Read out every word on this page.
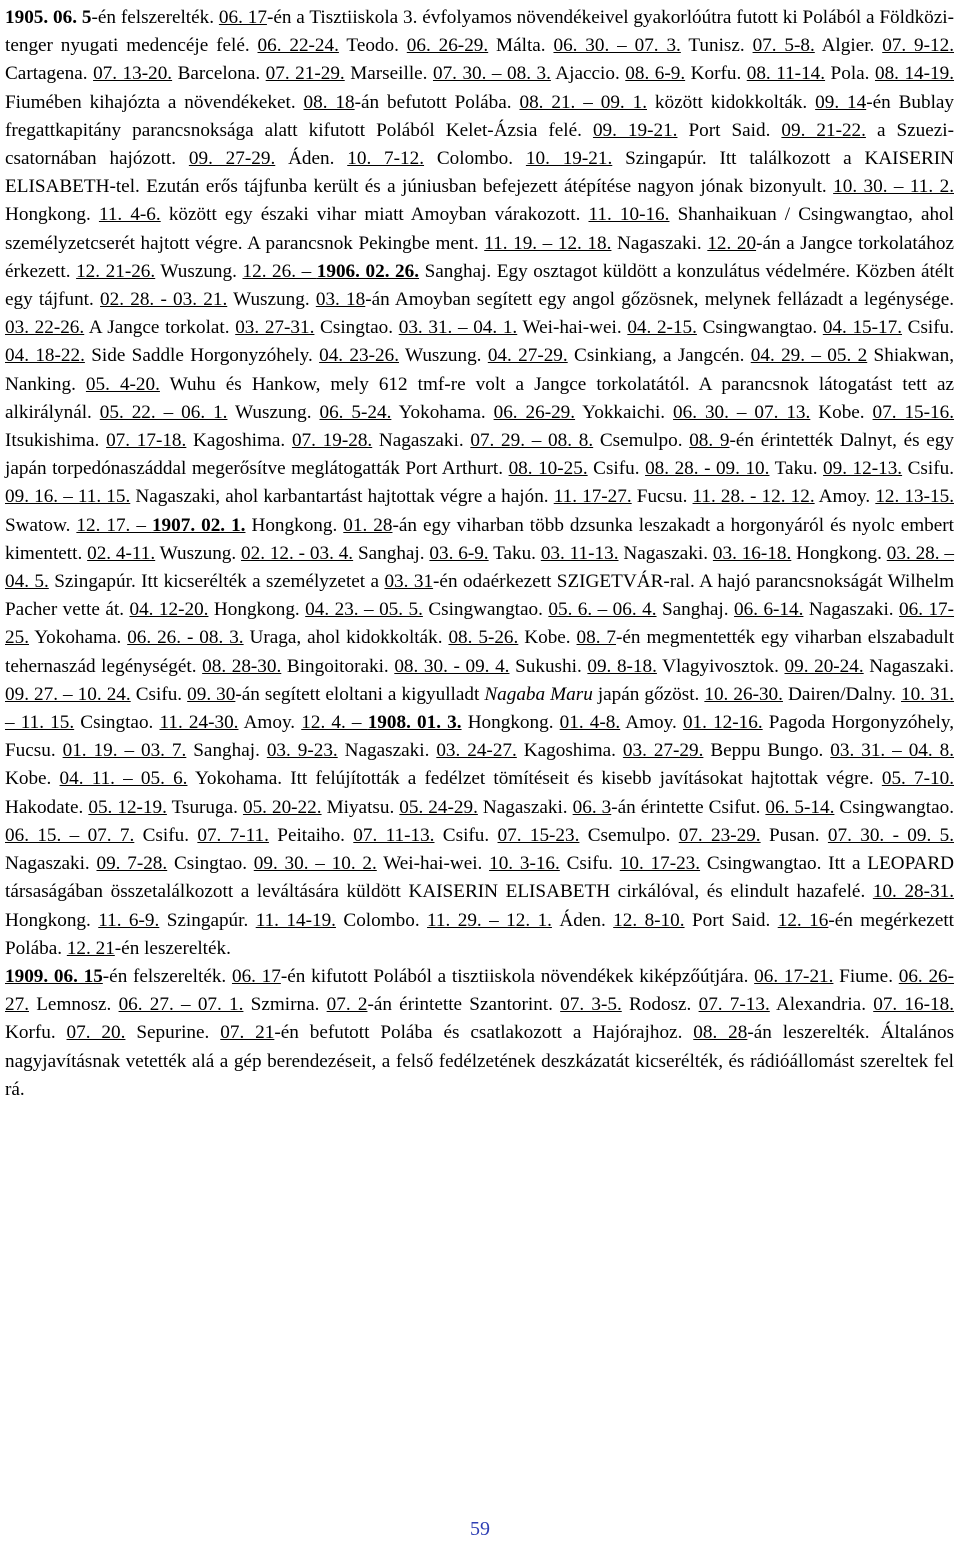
1905. 06. 5-én felszerelték. 06. 17-én a Tisztiiskola 3. évfolyamos növendékeivel gyakorlóútra futott ki Polából a Földközi-tenger nyugati medencéje felé. 06. 22-24. Teodo. 06. 26-29. Málta. 06. 30. – 07. 3. Tunisz. 07. 5-8. Algier. 07. 9-12. Cartagena. 07. 13-20. Barcelona. 07. 21-29. Marseille. 07. 30. – 08. 3. Ajaccio. 08. 6-9. Korfu. 08. 11-14. Pola. 08. 14-19. Fiumében kihajózta a növendékeket. 08. 18-án befutott Polába. 08. 21. – 09. 1. között kidokkolták. 09. 14-én Bublay fregattkapitány parancsnoksága alatt kifutott Polából Kelet-Ázsia felé. 09. 19-21. Port Said. 09. 21-22. a Szuezi-csatornában hajózott. 09. 27-29. Áden. 10. 7-12. Colombo. 10. 19-21. Szingapúr. Itt találkozott a KAISERIN ELISABETH-tel. Ezután erős tájfunba került és a júniusban befejezett átépítése nagyon jónak bizonyult. 10. 30. – 11. 2. Hongkong. 11. 4-6. között egy északi vihar miatt Amoyban várakozott. 11. 10-16. Shanhaikuan / Csingwangtao, ahol személyzetcserét hajtott végre. A parancsnok Pekingbe ment. 11. 19. – 12. 18. Nagaszaki. 12. 20-án a Jangce torkolatához érkezett. 12. 21-26. Wuszung. 12. 26. – 1906. 02. 26. Sanghaj. Egy osztagot küldött a konzulátus védelmére. Közben átélt egy tájfunt. 02. 28. - 03. 21. Wuszung. 03. 18-án Amoyban segített egy angol gőzösnek, melynek fellázadt a legénysége. 03. 22-26. A Jangce torkolat. 03. 27-31. Csingtao. 03. 31. – 04. 1. Wei-hai-wei. 04. 2-15. Csingwangtao. 04. 15-17. Csifu. 04. 18-22. Side Saddle Horgonyzóhely. 04. 23-26. Wuszung. 04. 27-29. Csinkiang, a Jangcén. 04. 29. – 05. 2 Shiakwan, Nanking. 05. 4-20. Wuhu és Hankow, mely 612 tmf-re volt a Jangce torkolatától. A parancsnok látogatást tett az alkirálynál. 05. 22. – 06. 1. Wuszung. 06. 5-24. Yokohama. 06. 26-29. Yokkaichi. 06. 30. – 07. 13. Kobe. 07. 15-16. Itsukishima. 07. 17-18. Kagoshima. 07. 19-28. Nagaszaki. 07. 29. – 08. 8. Csemulpo. 08. 9-én érintették Dalnyt, és egy japán torpedónaszáddal megerősítve meglátogatták Port Arthurt. 08. 10-25. Csifu. 08. 28. - 09. 10. Taku. 09. 12-13. Csifu. 09. 16. – 11. 15. Nagaszaki, ahol karbantartást hajtottak végre a hajón. 11. 17-27. Fucsu. 11. 28. - 12. 12. Amoy. 12. 13-15. Swatow. 12. 17. – 1907. 02. 1. Hongkong. 01. 28-án egy viharban több dzsunka leszakadt a horgonyáról és nyolc embert kimentett. 02. 4-11. Wuszung. 02. 12. - 03. 4. Sanghaj. 03. 6-9. Taku. 03. 11-13. Nagaszaki. 03. 16-18. Hongkong. 03. 28. – 04. 5. Szingapúr. Itt kicserélték a személyzetet a 03. 31-én odaérkezett SZIGETVÁR-ral. A hajó parancsnokságát Wilhelm Pacher vette át. 04. 12-20. Hongkong. 04. 23. – 05. 5. Csingwangtao. 05. 6. – 06. 4. Sanghaj. 06. 6-14. Nagaszaki. 06. 17-25. Yokohama. 06. 26. - 08. 3. Uraga, ahol kidokkolták. 08. 5-26. Kobe. 08. 7-én megmentették egy viharban elszabadult tehernaszád legénységét. 08. 28-30. Bingoitoraki. 08. 30. - 09. 4. Sukushi. 09. 8-18. Vlagyivosztok. 09. 20-24. Nagaszaki. 09. 27. – 10. 24. Csifu. 09. 30-án segített eloltani a kigyulladt Nagaba Maru japán gőzöst. 10. 26-30. Dairen/Dalny. 10. 31. – 11. 15. Csingtao. 11. 24-30. Amoy. 12. 4. – 1908. 01. 3. Hongkong. 01. 4-8. Amoy. 01. 12-16. Pagoda Horgonyzóhely, Fucsu. 01. 19. – 03. 7. Sanghaj. 03. 9-23. Nagaszaki. 03. 24-27. Kagoshima. 03. 27-29. Beppu Bungo. 03. 31. – 04. 8. Kobe. 04. 11. – 05. 6. Yokohama. Itt felújították a fedélzet tömítéseit és kisebb javításokat hajtottak végre. 05. 7-10. Hakodate. 05. 12-19. Tsuruga. 05. 20-22. Miyatsu. 05. 24-29. Nagaszaki. 06. 3-án érintette Csifut. 06. 5-14. Csingwangtao. 06. 15. – 07. 7. Csifu. 07. 7-11. Peitaiho. 07. 11-13. Csifu. 07. 15-23. Csemulpo. 07. 23-29. Pusan. 07. 30. - 09. 5. Nagaszaki. 09. 7-28. Csingtao. 09. 30. – 10. 2. Wei-hai-wei. 10. 3-16. Csifu. 10. 17-23. Csingwangtao. Itt a LEOPARD társaságában összetalálkozott a leváltására küldött KAISERIN ELISABETH cirkálóval, és elindult hazafelé. 10. 28-31. Hongkong. 11. 6-9. Szingapúr. 11. 14-19. Colombo. 11. 29. – 12. 1. Áden. 12. 8-10. Port Said. 12. 16-én megérkezett Polába. 12. 21-én leszerelték.

1909. 06. 15-én felszerelték. 06. 17-én kifutott Polából a tisztiiskola növendékek kiképzőútjára. 06. 17-21. Fiume. 06. 26-27. Lemnosz. 06. 27. – 07. 1. Szmirna. 07. 2-án érintette Szantorint. 07. 3-5. Rodosz. 07. 7-13. Alexandria. 07. 16-18. Korfu. 07. 20. Sepurine. 07. 21-én befutott Polába és csatlakozott a Hajórajhoz. 08. 28-án leszerelték. Általános nagyjavításnak vetették alá a gép berendezéseit, a felső fedélzetének deszkázatát kicserélték, és rádióállomást szereltek fel rá.

59
